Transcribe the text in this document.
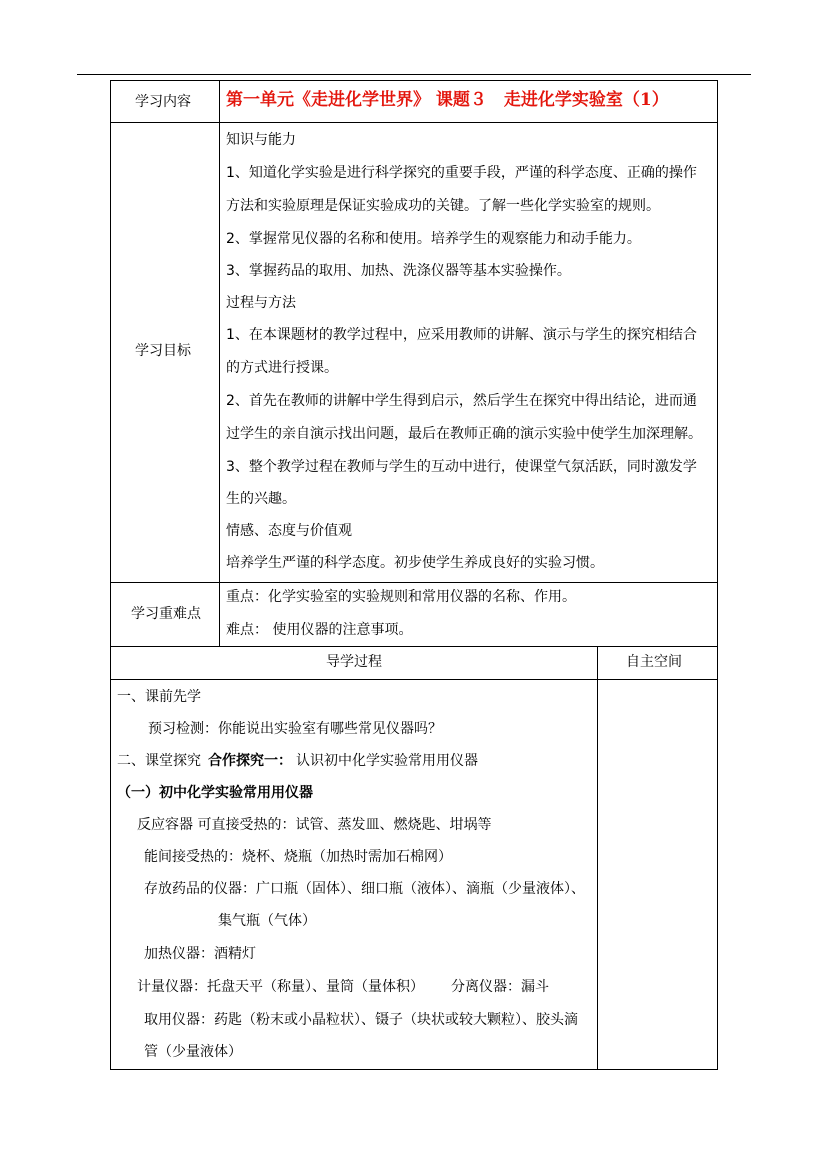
学习内容 第一单元《走进化学世界》 课题３　走进化学实验室（1）
学习目标
知识与能力
1、知道化学实验是进行科学探究的重要手段，严谨的科学态度、正确的操作
方法和实验原理是保证实验成功的关键。了解一些化学实验室的规则。
2、掌握常见仪器的名称和使用。培养学生的观察能力和动手能力。
3、掌握药品的取用、加热、洗涤仪器等基本实验操作。
过程与方法
1、在本课题材的教学过程中，应采用教师的讲解、演示与学生的探究相结合
的方式进行授课。
2、首先在教师的讲解中学生得到启示，然后学生在探究中得出结论，进而通
过学生的亲自演示找出问题，最后在教师正确的演示实验中使学生加深理解。
3、整个教学过程在教师与学生的互动中进行，使课堂气氛活跃，同时激发学
生的兴趣。
情感、态度与价值观
培养学生严谨的科学态度。初步使学生养成良好的实验习惯。
学习重难点
重点：化学实验室的实验规则和常用仪器的名称、作用。
难点： 使用仪器的注意事项。
导学过程	自主空间
一、课前先学
预习检测：你能说出实验室有哪些常见仪器吗？
二、课堂探究 合作探究一： 认识初中化学实验常用用仪器
（一）初中化学实验常用用仪器
反应容器 可直接受热的：试管、蒸发皿、燃烧匙、坩埚等
能间接受热的：烧杯、烧瓶（加热时需加石棉网）
存放药品的仪器：广口瓶（固体）、细口瓶（液体）、滴瓶（少量液体）、
集气瓶（气体）
加热仪器：酒精灯
计量仪器：托盘天平（称量）、量筒（量体积） 分离仪器：漏斗
取用仪器：药匙（粉末或小晶粒状）、镊子（块状或较大颗粒）、胶头滴
管（少量液体）
